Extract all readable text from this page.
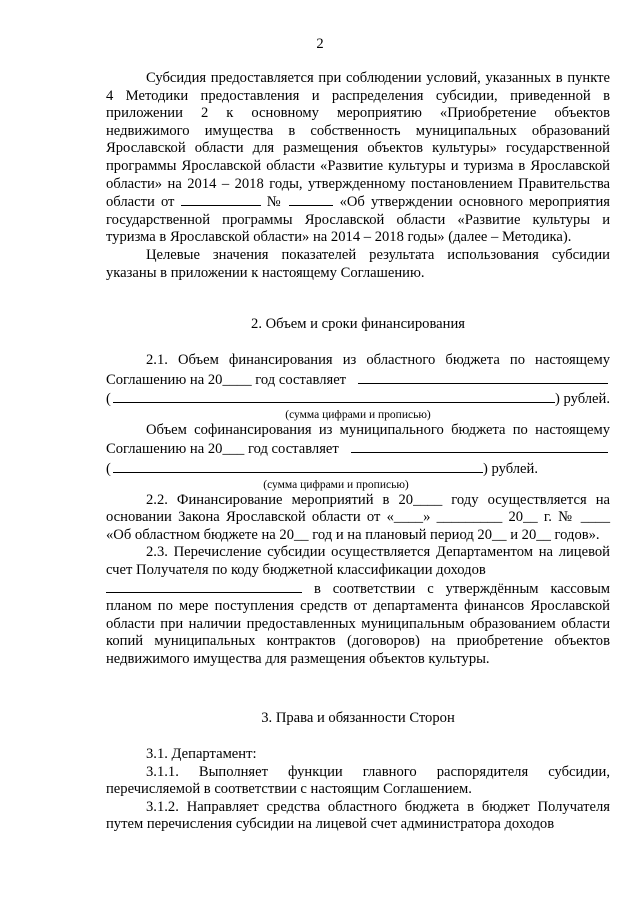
2

Субсидия предоставляется при соблюдении условий, указанных в пункте 4 Методики предоставления и распределения субсидии, приведенной в приложении 2 к основному мероприятию «Приобретение объектов недвижимого имущества в собственность муниципальных образований Ярославской области для размещения объектов культуры» государственной программы Ярославской области «Развитие культуры и туризма в Ярославской области» на 2014 – 2018 годы, утвержденному постановлением Правительства области от	№	«Об утверждении основного мероприятия государственной программы Ярославской области «Развитие культуры и туризма в Ярославской области» на 2014 – 2018 годы» (далее – Методика).

Целевые значения показателей результата использования субсидии указаны в приложении к настоящему Соглашению.

2. Объем и сроки финансирования

2.1. Объем финансирования из областного бюджета по настоящему

Соглашению на 20____ год составляет
(	) рублей.
(сумма цифрами и прописью)

Объем софинансирования из муниципального бюджета по настоящему

Соглашению на 20___ год составляет
(	) рублей.
(сумма цифрами и прописью)

2.2. Финансирование мероприятий в 20____ году осуществляется на основании Закона Ярославской области от «____» _________ 20__ г. № ____ «Об областном бюджете на 20__ год и на плановый период 20__ и 20__ годов».

2.3. Перечисление субсидии осуществляется Департаментом на лицевой счет Получателя по коду бюджетной классификации доходов
в соответствии с утверждённым кассовым планом по мере поступления средств от департамента финансов Ярославской области при наличии предоставленных муниципальным образованием области копий муниципальных контрактов (договоров) на приобретение объектов недвижимого имущества для размещения объектов культуры.

3. Права и обязанности Сторон

3.1. Департамент:

3.1.1. Выполняет функции главного распорядителя субсидии, перечисляемой в соответствии с настоящим Соглашением.

3.1.2. Направляет средства областного бюджета в бюджет Получателя путем перечисления субсидии на лицевой счет администратора доходов
